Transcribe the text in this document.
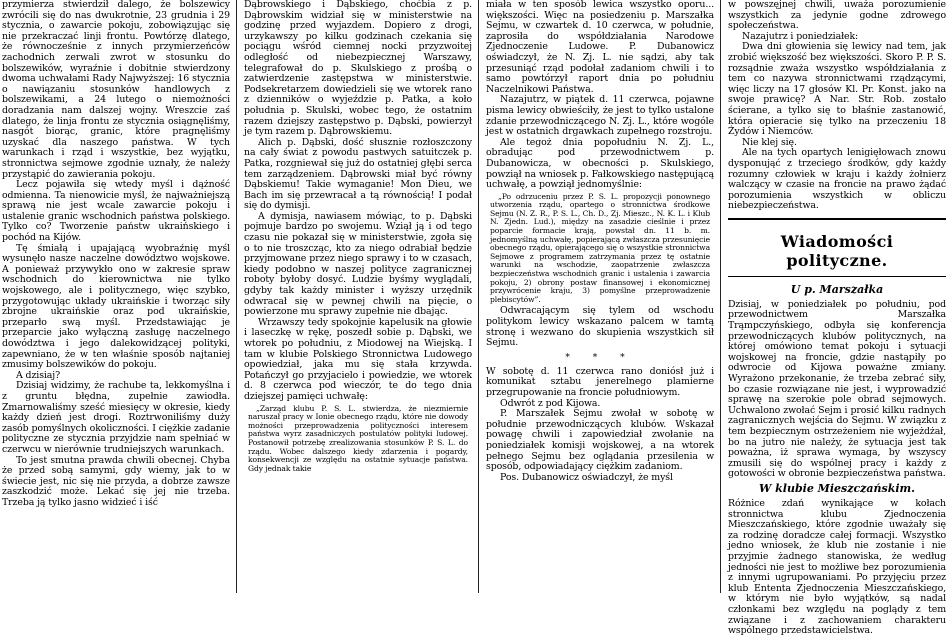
przymierza stwierdził dalego, że bolszewicy zwrócili się do nas dwukrotnie, 23 grudnia i 29 stycznia, o zawarcie pokoju, zobowiązując się nie przekraczać linji frontu. Powtórzę dlatego, że równocześnie z innych przymierzeńców zachodnich zerwali zwrot w stosunku do bolszewików, wyraźnie i dobitnie stwierdzony dwoma uchwałami Rady Najwyższej: 16 stycznia o nawiązaniu stosunków handlowych z bolszewikami, a 24 lutego o niemożności doradzania nam dalszej wojny. Wreszcie zaś dlatego, że linja frontu ze stycznia osiągnęliśmy, nasgót biorąc, granic, które pragnęliśmy uzyskać dla naszego państwa. W tych warunkach i rząd i wszystkie, bez wyjątku, stronnictwa sejmowe zgodnie uznały, że należy przystąpić do zawierania pokoju.

Lecz pojawiła się wtedy myśl i dążność odmienna. Ta nienowicie myśl, że najważniejszą sprawą nie jest wcale zawarcie pokoju i ustalenie granic wschodnich państwa polskiego. Tylko co? Tworzenie państw ukraińskiego i pochód na Kijów.

Tę śmiałą i upajającą wyobraźnię myśl wysunęło nasze naczelne dowództwo wojskowe. A ponieważ przywykło ono w zakresie spraw wschodnich do kierownictwa nie tylko wojskowego, ale i politycznego, więc szybko, przygotowując układy ukraińskie i tworząc siły zbrojne ukraińskie oraz pod ukraińskie, przeparło swą myśl. Przedstawiając je przeparcie jako wyłączną zasługę naczelnego dowództwa i jego dalekowidzącej polityki, zapewniano, że w ten właśnie sposób najtaniej zmusimy bolszewików do pokoju.

A dzisiaj?

Dzisiaj widzimy, że rachube ta, lekkomyślna i z gruntu błędna, zupełnie zawiodła. Zmarnowaliśmy sześć miesięcy w okresie, kiedy każdy dzień jest drogi. Roztrwoniliśmy duży zasób pomyślnych okoliczności. I ciężkie zadanie polityczne ze stycznia przyjdzie nam spełniać w czerwcu w nierównie trudniejszych warunkach.

To jest smutna prawda chwili obecnej. Chyba że przed sobą samymi, gdy wiemy, jak to w świecie jest, nic się nie przyda, a dobrze zawsze zaszkodzić może. Lekać się jej nie trzeba. Trzeba ją tylko jasno widzieć i iść

Dąbrowskiego i Dąbskiego, choćbia z p. Dąbrowskim widział się w ministerstwie na godzinę przed wyjazdem. Dopiero z drogi, urzykawszy po kilku godzinach czekania się pociągu wśród ciemnej nocki przyzwoitej odległość od niebezpiecznej Warszawy, telegrafował do p. Skulskiego z prośbą o zatwierdzenie zastępstwa w ministerstwie. Podsekretarzem dowiedzieli się we wtorek rano z dzienników o wyjeździe p. Patka, a koło południa p. Skulski, wobec tego, że ostatnim razem dziejszy zastępstwo p. Dąbski, powierzył je tym razem p. Dąbrowskiemu.

Alich p. Dąbski, dość słusznie rozłoszczony na cały świat z powodu pastwych satuitczek p. Patka, rozgniewał się już do ostatniej głębi serca tem zarządzeniem. Dąbrowski miał być równy Dąbskiemu! Takie wymaganie! Mon Dieu, we Bach im się przewracał a tą równością! I podał się do dymisji.

A dymisja, nawiasem mówiąc, to p. Dąbski pojmuje bardzo po swojemu. Wziął ją i od tego czasu nie pokazał się w ministerstwie, zgoła się o to nie troszcząc, kto za niego odrabiał będzie przyjmowane przez niego sprawy i to w czasach, kiedy podobno w naszej polityce zagranicznej roboty byłoby dosyć. Ludzie byśmy wyglądali, gdyby tak każdy minister i wyższy urzędnik odwracał się w pewnej chwili na pięcie, o powierzone mu sprawy zupełnie nie dbając.

Wrzawszy tedy spokojnie kapelusik na głowie i laseczkę w rękę, poszedł sobie p. Dąbski, we wtorek po południu, z Miodowej na Wiejską. I tam w klubie Polskiego Stronnictwa Ludowego opowiedział, jaka mu się stała krzywda. Potańczył go przyjacielo i powiedzie, we wtorek d. 8 czerwca pod wieczór, te do tego dnia dziejszej pamięci uchwałę:

„Zarząd klubu P. S. L. stwierdza, że niezmiernie naruszał pracy w Ionie obecnego rządu, które nie dowody możności przeprowadzenia polityczności interesem państwa wyrz zasadniczych postulatów polityki ludowej. Postanowił potrzebę zrealizowania stosunków P. S. L. do rządu. Wobec dalszego kiedy zdarzenia i pogardy, konsekwencji ze względu na ostatnie sytuacje państwa. Gdy jednak takie

miała w ten sposób lewica wszystko oporu... większości. Więc na posiedzeniu p. Marszałka Sejmu, w czwartek d. 10 czerwca, w południe, zaprosiła do współdziałania Narodowe Zjednoczenie Ludowe. P. Dubanowicz oświadczył, że N. Zj. L. nie sądzi, aby tak przesuniąć rząd podołał zadaniom chwili i to samo powtórzył raport dnia po południu Naczelnikowi Państwa.

Nazajutrz, w piątek d. 11 czerwca, pojawne pisma lewicy obwieściły, że jest to tylko ustalone zdanie przewodniczącego N. Zj. L., które wogóle jest w ostatnich drgawkach zupełnego rozstroju.

Ale tegoż dnia popołudniu N. Zj. L., obradując pod przewodnictwem p. Dubanowicza, w obecności p. Skulskiego, powziął na wniosek p. Fałkowskiego następującą uchwałę, a powziął jednomyślnie:

„Po odrzuceniu przez P. S. L. propozycji ponownego utworzenia rządu, opartego o stronnictwa środkowe Sejmu (N. Z. R., P. S. L., Ch. D., Zj. Mieszc., N. K. L. i Klub N. Zjedn. Lud.), między na zasadzie cieślnie i przez poparcie formacie krają, powstał dn. 11 b. m. jednomyślną uchwałę, popierającą zwłaszcza przesunięcie obecnego rządu, opierającego się o wszystkie stronnictwa Sejmowe z programem zatrzymania przez tę ostatnie warunki na wschodzie, zaopatrzenie zwłaszcza bezpieczeństwa wschodnich granic i ustalenia i zawarcia pokoju, 2) obrony postaw finansowej i ekonomicznej przywrócenie kraju, 3) pomyślne przeprowadzenie plebiscytów”.

Odwracającym się tylem od wschodu politykom lewicy wskazano palcem w tamtą stronę i wezwano do skupienia wszystkich sił Sejmu.

* * *

W sobotę d. 11 czerwca rano doniósł już i komunikat sztabu jenerelnego plamierne przegrupowanie na froncie południowym.

Odwrót z pod Kijowa.

P. Marszałek Sejmu zwołał w sobotę w południe przewodniczących klubów. Wskazał powagę chwili i zapowiedział zwołanie na poniedziałek komisji wojskowej, a na wtorek pełnego Sejmu bez oglądania przesilenia w sposób, odpowiadający ciężkim zadaniom.

Pos. Dubanowicz oświadczył, że myśl

w powszęjnej chwili, uważa porozumienie wszystkich za jedynie godne zdrowego społeczeństwa.

Nazajutrz i poniedziałek:

Dwa dni głowienia się lewicy nad tem, jak zrobić większość bez większości. Skoro P. P. S. rozsądnie zważa wszystko współdziałania z tem co nazywa stronnictwami rządzącymi, więc liczy na 17 głosów Kl. Pr. Konst. jako na swoje prawicę? A Nar. Str. Rob. zostało ścierane, a tylko się to błaśnie zastanowić, która opieracie się tylko na przeczeniu 18 Żydów i Niemców.

Nie klej się.

Ale na tych opartych lenigięłowach znowu dysponująć z trzeciego środków, gdy każdy rozumny człowiek w kraju i każdy żołnierz walczący w czasie na froncie na prawo żądać porozumienia wszystkich w obliczu niebezpieczeństwa.

Wiadomości polityczne.
U p. Marszałka

Dzisiaj, w poniedziałek po południu, pod przewodnictwem Marszałka Trąmpczyńskiego, odbyła się konferencja przewodniczących klubów politycznych, na której omówiono temat pokoju i sytuacji wojskowej na froncie, gdzie nastąpiły po odwrocie od Kijowa poważne zmiany. Wyrażono przekonanie, że trzeba zebrać siły, bo czasie rozwiązane nie jest, i wyprowadzić sprawę na szerokie pole obrad sejmowych. Uchwalono zwołać Sejm i prosić kilku radnych zagranicznych wejścia do Sejmu. W związku z tem bezpiecznym ostrzeżeniem nie wyjeżdżał, bo na jutro nie należy, że sytuacja jest tak poważna, iż sprawa wymaga, by wszyscy zmusili się do wspólnej pracy i każdy z gotowości w obronie bezpieczeństwa państwa.

W klubie Mieszczańskim.

Różnice zdań wynikające w kołach stronnictwa klubu Zjednoczenia Mieszczańskiego, które zgodnie uważały się za rodzinę doradcze całej formacji. Wszystko jedno wniosek, że klub nie zostanie i nie przyjmie żadnego stanowiska, że według jedności nie jest to możliwe bez porozumienia z innymi ugrupowaniami. Po przyjęciu przez klub Ententa Zjednoczenia Mieszczańskiego, w którym nie było wyjątków, są nadal członkami bez względu na poglądy z tem związane i z zachowaniem charakteru wspólnego przedstawicielstwa.
